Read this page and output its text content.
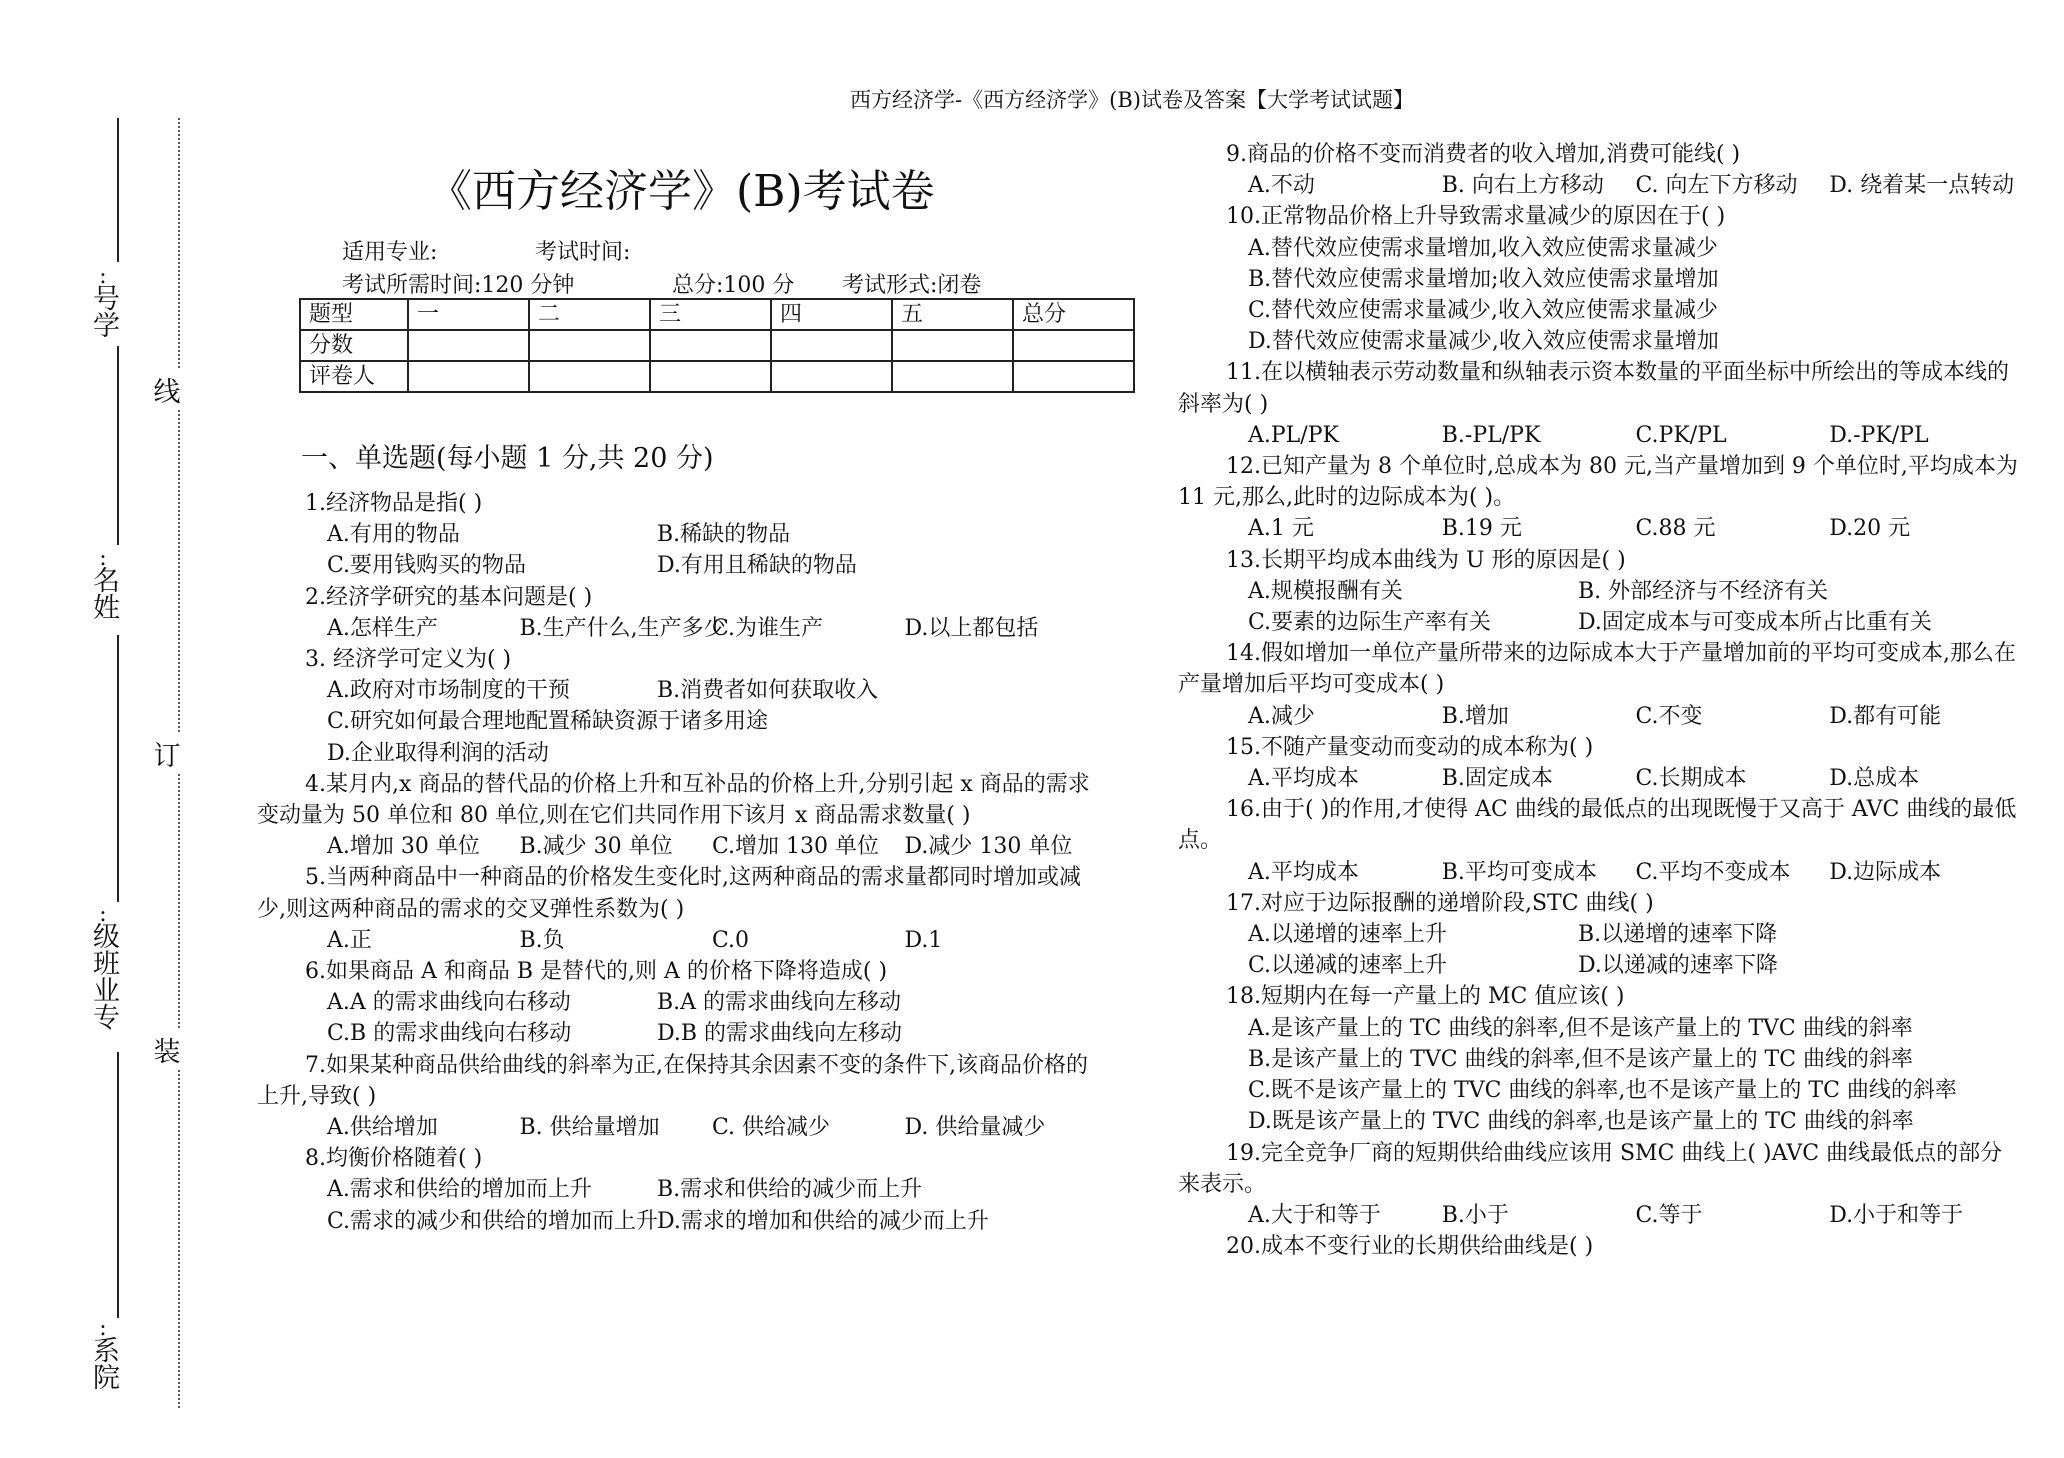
西方经济学-《西方经济学》(B)试卷及答案【大学考试试题】
:
号学
:
名姓
:
级班业专
:
系院
线
订
装
《西方经济学》(B)考试卷
适用专业:	考试时间:
考试所需时间:120 分钟	总分:100 分 考试形式:闭卷
题型	一	二	三	四	五	总分
分数						
评卷人						
一、单选题(每小题 1 分,共 20 分)

1.经济物品是指( )

A.有用的物品	B.稀缺的物品
C.要用钱购买的物品	D.有用且稀缺的物品

2.经济学研究的基本问题是( )

A.怎样生产	B.生产什么,生产多少
C.为谁生产	D.以上都包括

3. 经济学可定义为( )

A.政府对市场制度的干预	B.消费者如何获取收入
C.研究如何最合理地配置稀缺资源于诸多用途
D.企业取得利润的活动

4.某月内,x 商品的替代品的价格上升和互补品的价格上升,分别引起 x 商品的需求变动量为 50 单位和 80 单位,则在它们共同作用下该月 x 商品需求数量( )

A.增加 30 单位	B.减少 30 单位	C.增加 130 单位	D.减少 130 单位

5.当两种商品中一种商品的价格发生变化时,这两种商品的需求量都同时增加或减少,则这两种商品的需求的交叉弹性系数为( )

A.正	B.负	C.0	D.1

6.如果商品 A 和商品 B 是替代的,则 A 的价格下降将造成( )

A.A 的需求曲线向右移动	B.A 的需求曲线向左移动
C.B 的需求曲线向右移动	D.B 的需求曲线向左移动

7.如果某种商品供给曲线的斜率为正,在保持其余因素不变的条件下,该商品价格的上升,导致( )

A.供给增加	B. 供给量增加	C. 供给减少	D. 供给量减少

8.均衡价格随着( )

A.需求和供给的增加而上升	B.需求和供给的减少而上升
C.需求的减少和供给的增加而上升
D.需求的增加和供给的减少而上升

9.商品的价格不变而消费者的收入增加,消费可能线( )

A.不动	B. 向右上方移动	C. 向左下方移动	D. 绕着某一点转动

10.正常物品价格上升导致需求量减少的原因在于( )

A.替代效应使需求量增加,收入效应使需求量减少
B.替代效应使需求量增加;收入效应使需求量增加
C.替代效应使需求量减少,收入效应使需求量减少
D.替代效应使需求量减少,收入效应使需求量增加

11.在以横轴表示劳动数量和纵轴表示资本数量的平面坐标中所绘出的等成本线的斜率为( )

A.PL/PK	B.-PL/PK	C.PK/PL	D.-PK/PL

12.已知产量为 8 个单位时,总成本为 80 元,当产量增加到 9 个单位时,平均成本为 11 元,那么,此时的边际成本为( )。

A.1 元	B.19 元	C.88 元	D.20 元

13.长期平均成本曲线为 U 形的原因是( )

A.规模报酬有关	B. 外部经济与不经济有关
C.要素的边际生产率有关	D.固定成本与可变成本所占比重有关

14.假如增加一单位产量所带来的边际成本大于产量增加前的平均可变成本,那么在产量增加后平均可变成本( )

A.减少	B.增加	C.不变	D.都有可能

15.不随产量变动而变动的成本称为( )

A.平均成本	B.固定成本	C.长期成本	D.总成本

16.由于( )的作用,才使得 AC 曲线的最低点的出现既慢于又高于 AVC 曲线的最低点。

A.平均成本	B.平均可变成本	C.平均不变成本	D.边际成本

17.对应于边际报酬的递增阶段,STC 曲线( )

A.以递增的速率上升	B.以递增的速率下降
C.以递减的速率上升	D.以递减的速率下降

18.短期内在每一产量上的 MC 值应该( )

A.是该产量上的 TC 曲线的斜率,但不是该产量上的 TVC 曲线的斜率
B.是该产量上的 TVC 曲线的斜率,但不是该产量上的 TC 曲线的斜率
C.既不是该产量上的 TVC 曲线的斜率,也不是该产量上的 TC 曲线的斜率
D.既是该产量上的 TVC 曲线的斜率,也是该产量上的 TC 曲线的斜率

19.完全竞争厂商的短期供给曲线应该用 SMC 曲线上( )AVC 曲线最低点的部分来表示。

A.大于和等于	B.小于	C.等于	D.小于和等于

20.成本不变行业的长期供给曲线是( )
